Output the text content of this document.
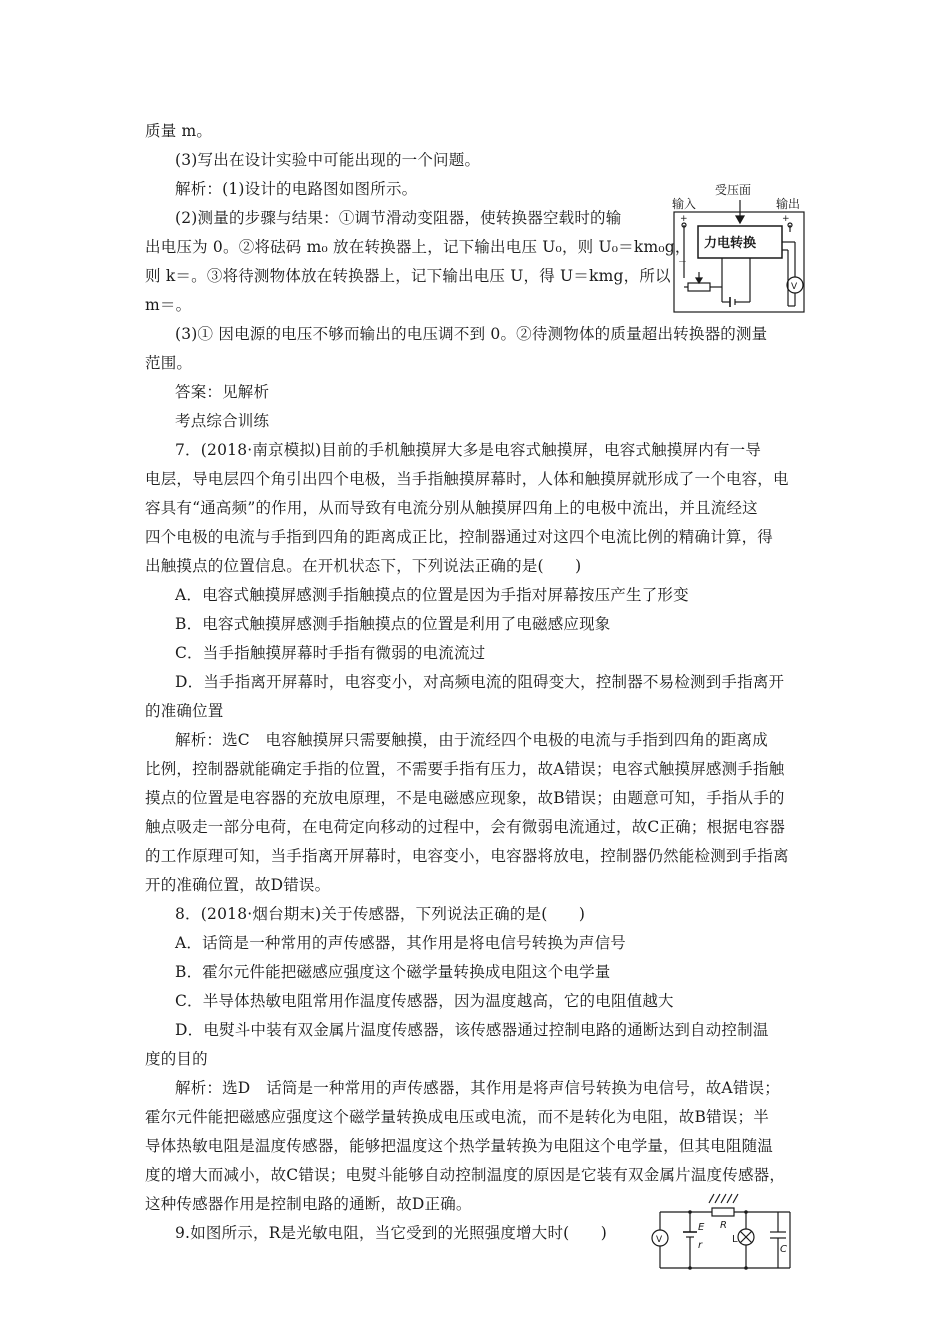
质量 m。
(3)写出在设计实验中可能出现的一个问题。
解析：(1)设计的电路图如图所示。
(2)测量的步骤与结果：①调节滑动变阻器，使转换器空载时的输
出电压为 0。②将砝码 m₀ 放在转换器上，记下输出电压 U₀，则 U₀＝km₀g，
则 k＝。③将待测物体放在转换器上，记下输出电压 U，得 U＝kmg，所以
m＝。
(3)① 因电源的电压不够而输出的电压调不到 0。②待测物体的质量超出转换器的测量
范围。
答案：见解析
考点综合训练
7．(2018·南京模拟)目前的手机触摸屏大多是电容式触摸屏，电容式触摸屏内有一导
电层，导电层四个角引出四个电极，当手指触摸屏幕时，人体和触摸屏就形成了一个电容，电
容具有“通高频”的作用，从而导致有电流分别从触摸屏四角上的电极中流出，并且流经这
四个电极的电流与手指到四角的距离成正比，控制器通过对这四个电流比例的精确计算，得
出触摸点的位置信息。在开机状态下，下列说法正确的是(　　)
A．电容式触摸屏感测手指触摸点的位置是因为手指对屏幕按压产生了形变
B．电容式触摸屏感测手指触摸点的位置是利用了电磁感应现象
C．当手指触摸屏幕时手指有微弱的电流流过
D．当手指离开屏幕时，电容变小，对高频电流的阻碍变大，控制器不易检测到手指离开
的准确位置
解析：选C　电容触摸屏只需要触摸，由于流经四个电极的电流与手指到四角的距离成
比例，控制器就能确定手指的位置，不需要手指有压力，故A错误；电容式触摸屏感测手指触
摸点的位置是电容器的充放电原理，不是电磁感应现象，故B错误；由题意可知，手指从手的
触点吸走一部分电荷，在电荷定向移动的过程中，会有微弱电流通过，故C正确；根据电容器
的工作原理可知，当手指离开屏幕时，电容变小，电容器将放电，控制器仍然能检测到手指离
开的准确位置，故D错误。
8．(2018·烟台期末)关于传感器，下列说法正确的是(　　)
A．话筒是一种常用的声传感器，其作用是将电信号转换为声信号
B．霍尔元件能把磁感应强度这个磁学量转换成电阻这个电学量
C．半导体热敏电阻常用作温度传感器，因为温度越高，它的电阻值越大
D．电熨斗中装有双金属片温度传感器，该传感器通过控制电路的通断达到自动控制温
度的目的
解析：选D　话筒是一种常用的声传感器，其作用是将声信号转换为电信号，故A错误；
霍尔元件能把磁感应强度这个磁学量转换成电压或电流，而不是转化为电阻，故B错误；半
导体热敏电阻是温度传感器，能够把温度这个热学量转换为电阻这个电学量，但其电阻随温
度的增大而减小，故C错误；电熨斗能够自动控制温度的原因是它装有双金属片温度传感器，
这种传感器作用是控制电路的通断，故D正确。
9.如图所示，R是光敏电阻，当它受到的光照强度增大时(　　)
受压面
输入	输出
力电转换
+	+
－
V
V
R
E
r
L
C
